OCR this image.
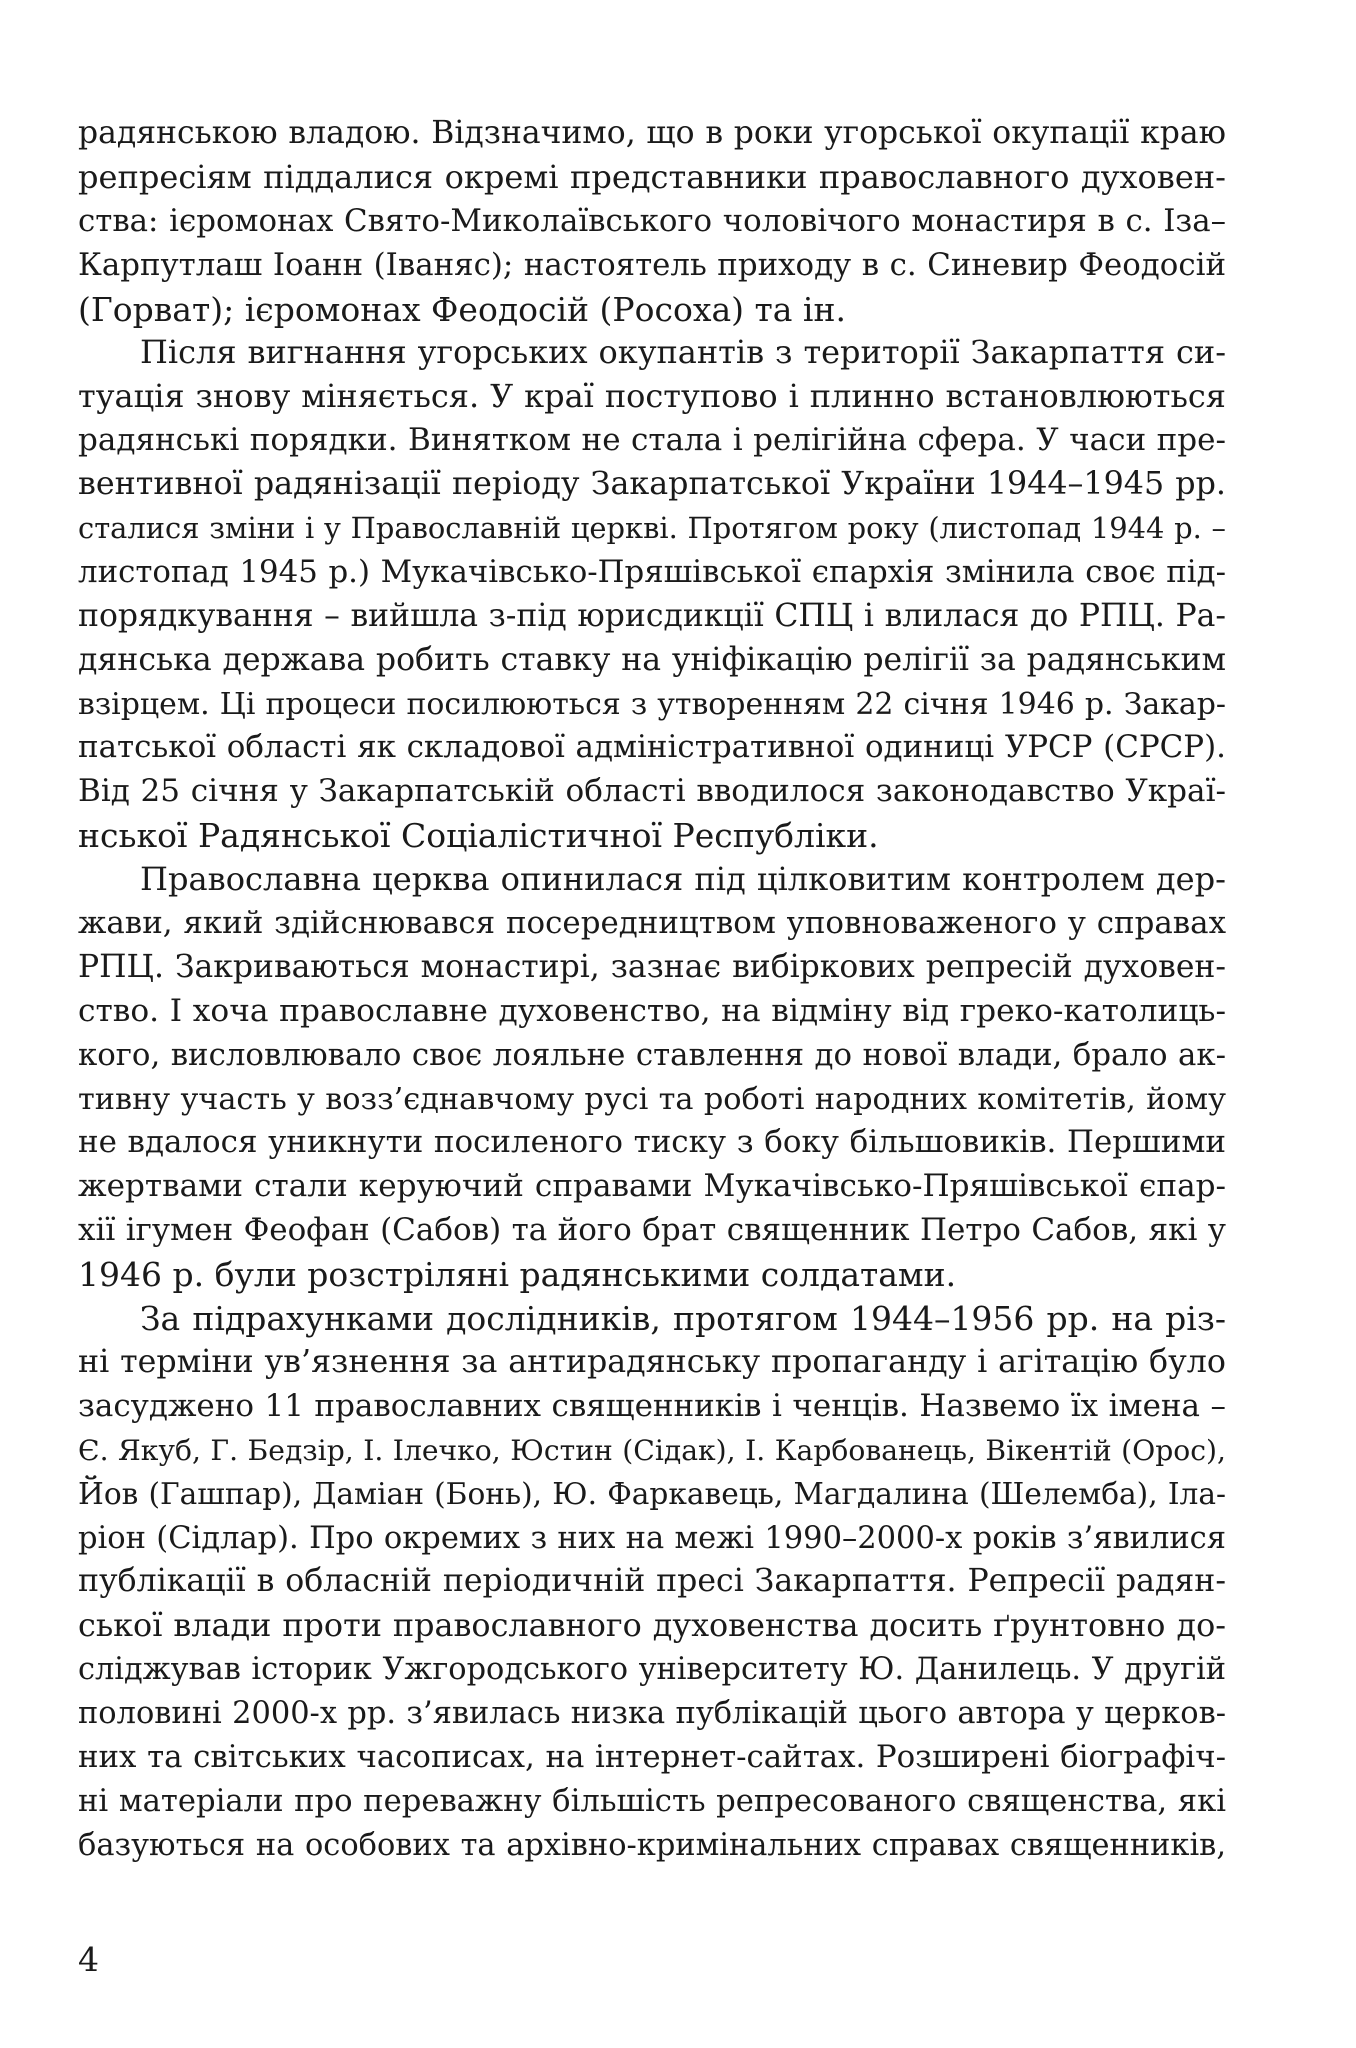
радянською владою. Відзначимо, що в роки угорської окупації краю
репресіям піддалися окремі представники православного духовен-
ства: ієромонах Свято-Миколаївського чоловічого монастиря в с. Іза–
Карпутлаш Іоанн (Іваняс); настоятель приходу в с. Синевир Феодосій
(Горват); ієромонах Феодосій (Росоха) та ін.
Після вигнання угорських окупантів з території Закарпаття си-
туація знову міняється. У краї поступово і плинно встановлюються
радянські порядки. Винятком не стала і релігійна сфера. У часи пре-
вентивної радянізації періоду Закарпатської України 1944–1945 рр.
сталися зміни і у Православній церкві. Протягом року (листопад 1944 р. –
листопад 1945 р.) Мукачівсько-Пряшівської єпархія змінила своє під-
порядкування – вийшла з-під юрисдикції СПЦ і влилася до РПЦ. Ра-
дянська держава робить ставку на уніфікацію релігії за радянським
взірцем. Ці процеси посилюються з утворенням 22 січня 1946 р. Закар-
патської області як складової адміністративної одиниці УРСР (СРСР).
Від 25 січня у Закарпатській області вводилося законодавство Украї-
нської Радянської Соціалістичної Республіки.
Православна церква опинилася під цілковитим контролем дер-
жави, який здійснювався посередництвом уповноваженого у справах
РПЦ. Закриваються монастирі, зазнає вибіркових репресій духовен-
ство. І хоча православне духовенство, на відміну від греко-католиць-
кого, висловлювало своє лояльне ставлення до нової влади, брало ак-
тивну участь у возз’єднавчому русі та роботі народних комітетів, йому
не вдалося уникнути посиленого тиску з боку більшовиків. Першими
жертвами стали керуючий справами Мукачівсько-Пряшівської єпар-
хії ігумен Феофан (Сабов) та його брат священник Петро Сабов, які у
1946 р. були розстріляні радянськими солдатами.
За підрахунками дослідників, протягом 1944–1956 рр. на різ-
ні терміни ув’язнення за антирадянську пропаганду і агітацію було
засуджено 11 православних священників і ченців. Назвемо їх імена –
Є. Якуб, Г. Бедзір, І. Ілечко, Юстин (Сідак), І. Карбованець, Вікентій (Орос),
Йов (Гашпар), Даміан (Бонь), Ю. Фаркавець, Магдалина (Шелемба), Іла-
ріон (Сідлар). Про окремих з них на межі 1990–2000-х років з’явилися
публікації в обласній періодичній пресі Закарпаття. Репресії радян-
ської влади проти православного духовенства досить ґрунтовно до-
сліджував історик Ужгородського університету Ю. Данилець. У другій
половині 2000-х рр. з’явилась низка публікацій цього автора у церков-
них та світських часописах, на інтернет-сайтах. Розширені біографіч-
ні матеріали про переважну більшість репресованого священства, які
базуються на особових та архівно-кримінальних справах священників,
4
